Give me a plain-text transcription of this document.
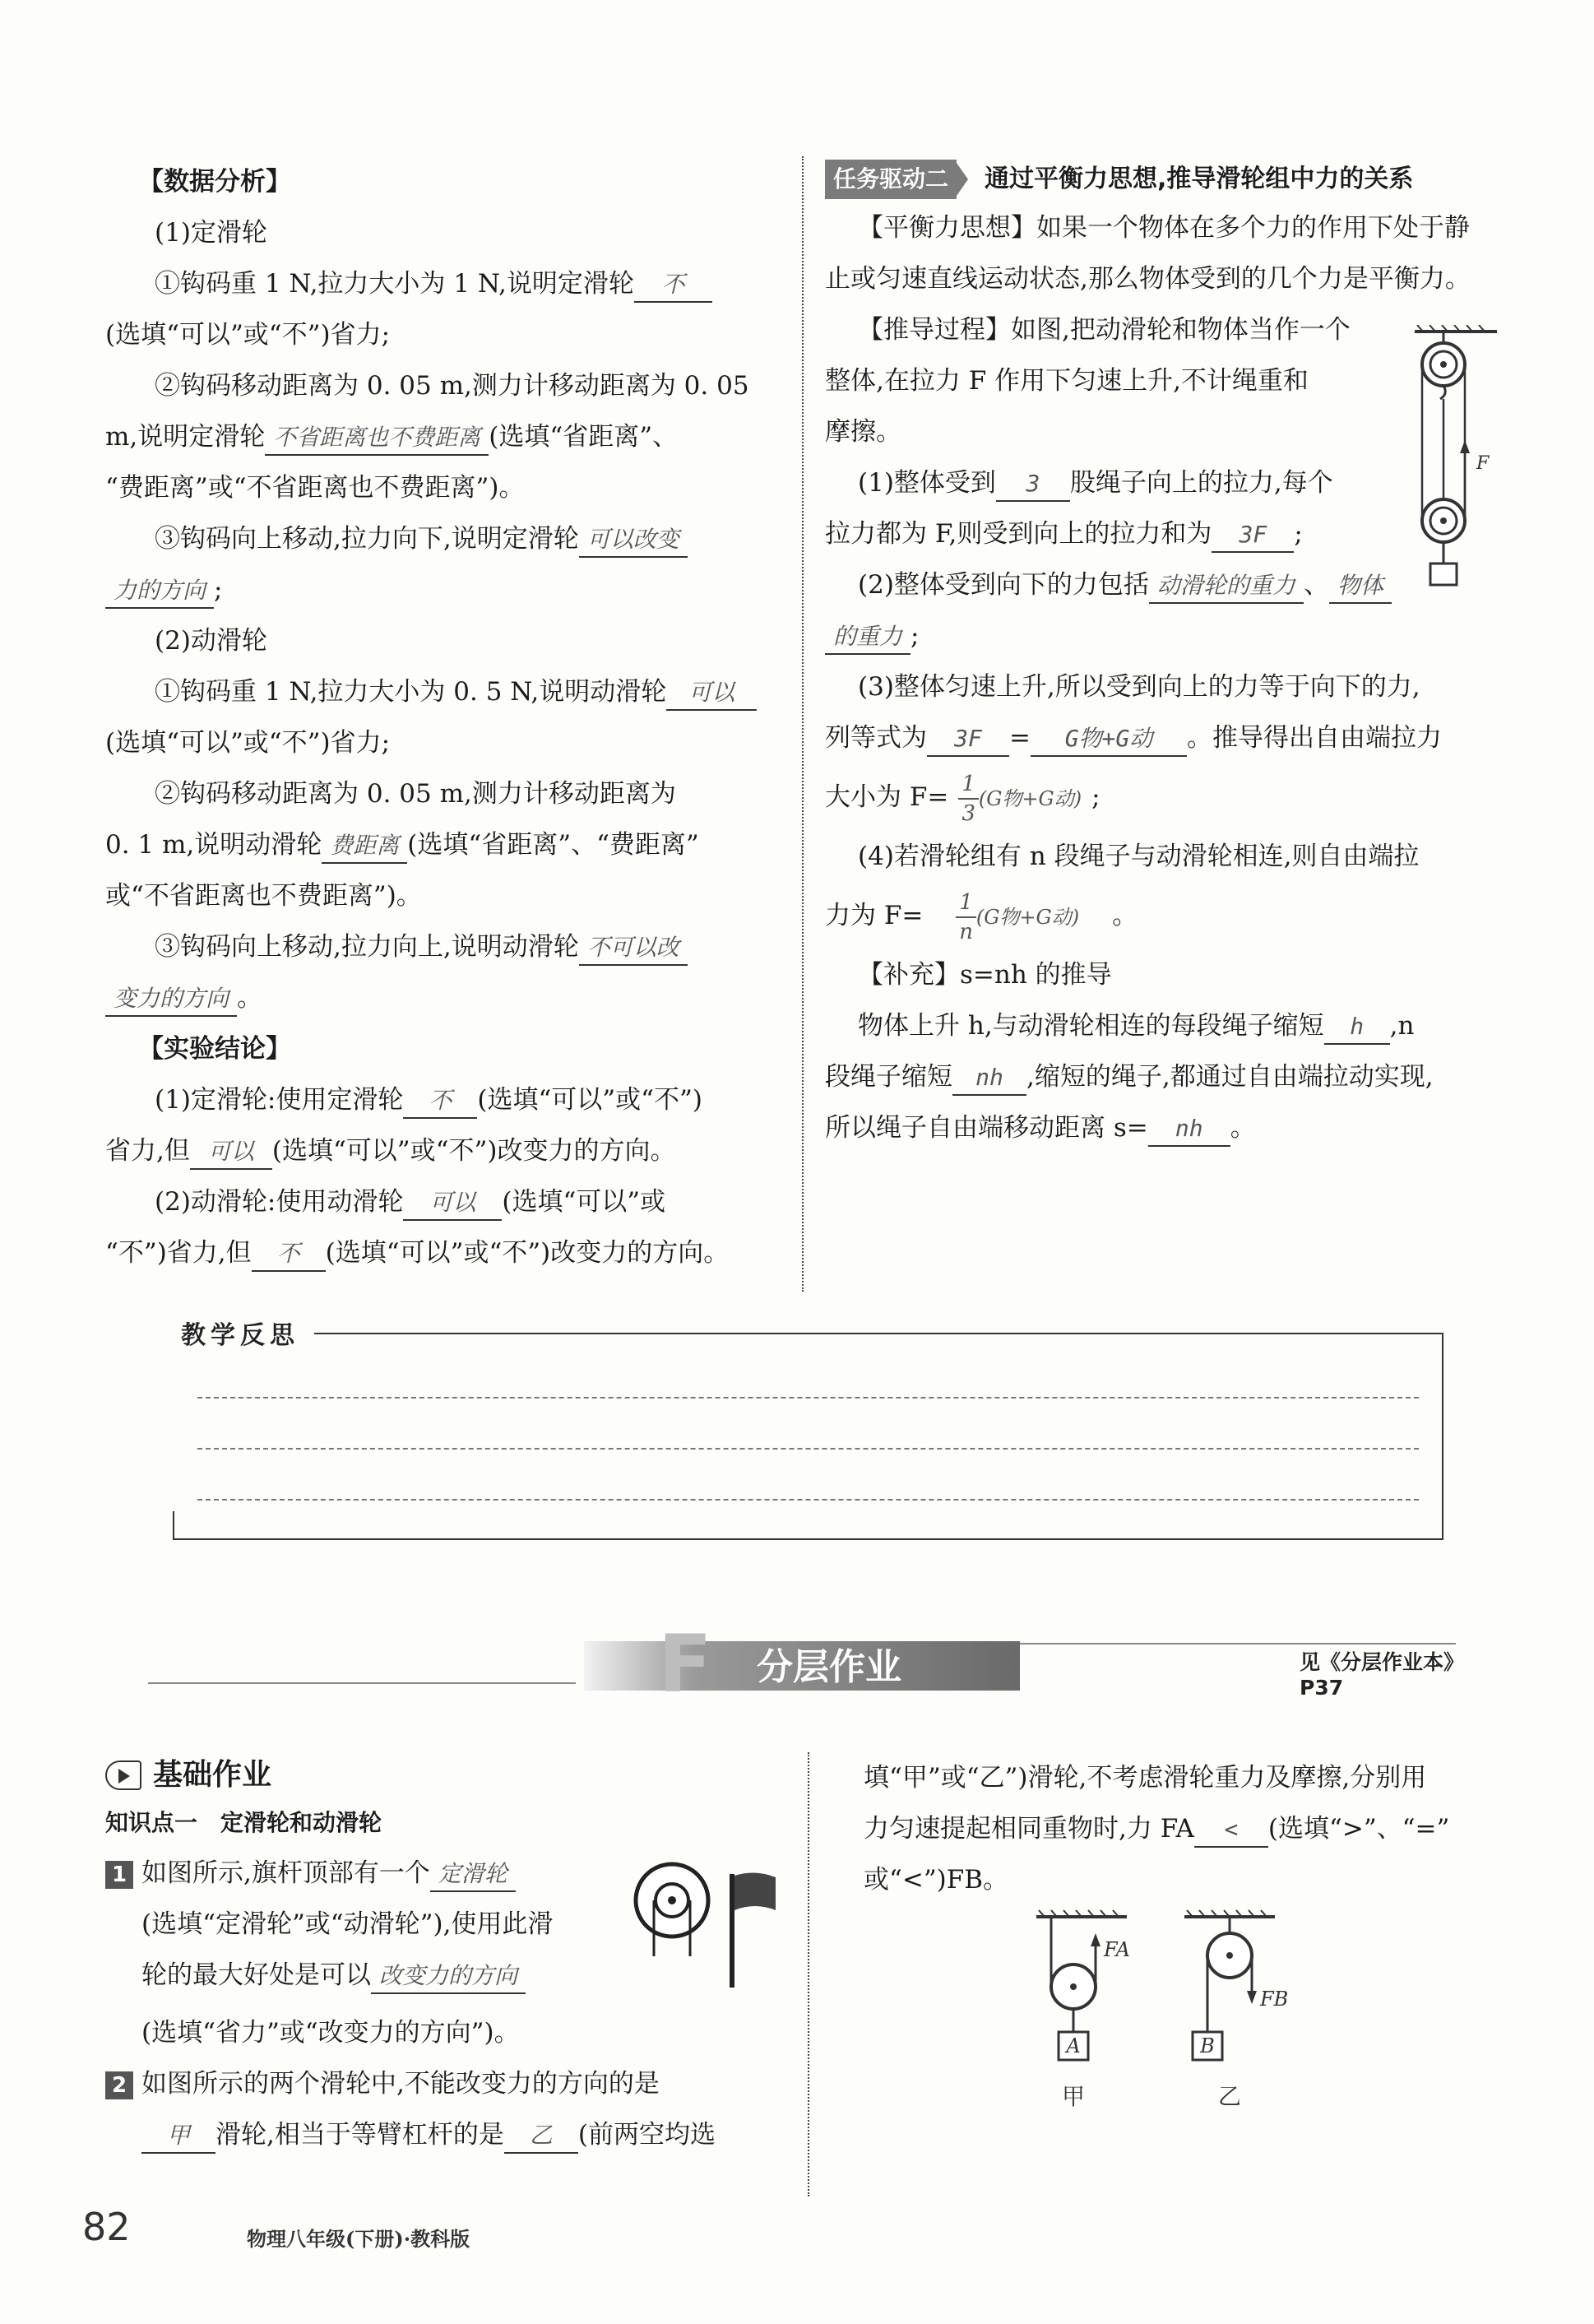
【数据分析】
(1)定滑轮
①钩码重 1 N,拉力大小为 1 N,说明定滑轮 不
(选填“可以”或“不”)省力;
②钩码移动距离为 0. 05 m,测力计移动距离为 0. 05
m,说明定滑轮 不省距离也不费距离 (选填“省距离”、
“费距离”或“不省距离也不费距离”)。
③钩码向上移动,拉力向下,说明定滑轮 可以改变
力的方向 ;
(2)动滑轮
①钩码重 1 N,拉力大小为 0. 5 N,说明动滑轮 可以
(选填“可以”或“不”)省力;
②钩码移动距离为 0. 05 m,测力计移动距离为
0. 1 m,说明动滑轮 费距离 (选填“省距离”、“费距离”
或“不省距离也不费距离”)。
③钩码向上移动,拉力向上,说明动滑轮 不可以改
变力的方向 。
【实验结论】
(1)定滑轮:使用定滑轮 不 (选填“可以”或“不”)
省力,但 可以 (选填“可以”或“不”)改变力的方向。
(2)动滑轮:使用动滑轮 可以 (选填“可以”或
“不”)省力,但 不 (选填“可以”或“不”)改变力的方向。
任务驱动二	通过平衡力思想,推导滑轮组中力的关系
【平衡力思想】如果一个物体在多个力的作用下处于静
止或匀速直线运动状态,那么物体受到的几个力是平衡力。
【推导过程】如图,把动滑轮和物体当作一个
整体,在拉力 F 作用下匀速上升,不计绳重和
摩擦。
(1)整体受到 3 股绳子向上的拉力,每个
拉力都为 F,则受到向上的拉力和为 3F ;
(2)整体受到向下的力包括 动滑轮的重力 、 物体
的重力 ;
(3)整体匀速上升,所以受到向上的力等于向下的力,
列等式为 3F = G物+G动 。推导得出自由端拉力
大小为 $F= \frac{1}{3} (G$物+G动) ;
(4)若滑轮组有 n 段绳子与动滑轮相连,则自由端拉
力为 $F= \frac{1}{n} (G$物+G动) 。
【补充】s=nh 的推导
物体上升 h,与动滑轮相连的每段绳子缩短 h ,n
段绳子缩短 nh ,缩短的绳子,都通过自由端拉动实现,
所以绳子自由端移动距离 s= nh 。
F
教学反思
F 分层作业	见《分层作业本》P37
基础作业
知识点一　定滑轮和动滑轮
1 如图所示,旗杆顶部有一个 定滑轮
(选填“定滑轮”或“动滑轮”),使用此滑
轮的最大好处是可以 改变力的方向
(选填“省力”或“改变力的方向”)。
2 如图所示的两个滑轮中,不能改变力的方向的是
甲 滑轮,相当于等臂杠杆的是 乙 (前两空均选
填“甲”或“乙”)滑轮,不考虑滑轮重力及摩擦,分别用
力匀速提起相同重物时,力 FA < (选填“>”、“=”
或“<”)FB。
FA
A
甲
FB
B
乙
82	物理八年级(下册)·教科版
